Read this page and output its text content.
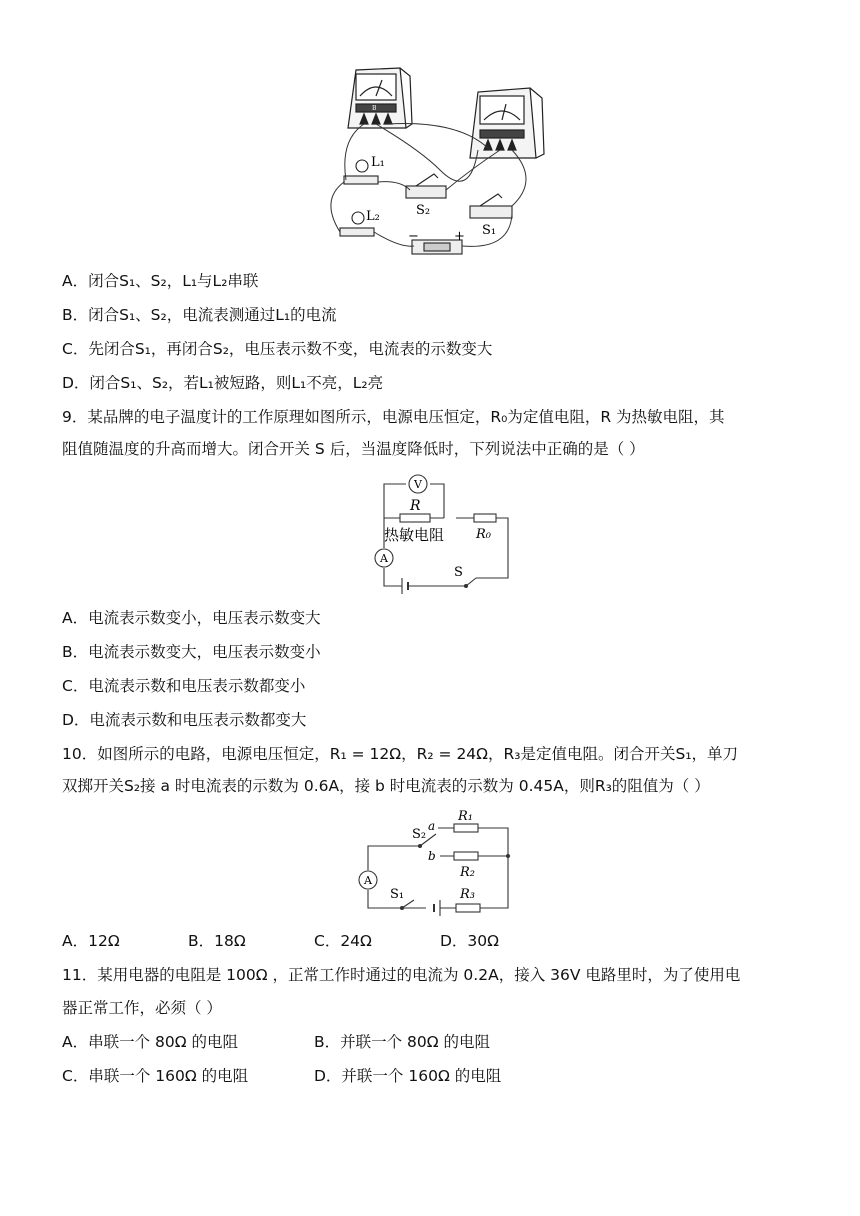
B
L₁
L₂	S₂
S₁
−	+
A．闭合S₁、S₂，L₁与L₂串联
B．闭合S₁、S₂，电流表测通过L₁的电流
C．先闭合S₁，再闭合S₂，电压表示数不变，电流表的示数变大
D．闭合S₁、S₂，若L₁被短路，则L₁不亮，L₂亮
9．某品牌的电子温度计的工作原理如图所示，电源电压恒定，R₀为定值电阻，R 为热敏电阻，其
阻值随温度的升高而增大。闭合开关 S 后，当温度降低时，下列说法中正确的是（ ）
V
A
R
热敏电阻 R₀
S
A．电流表示数变小，电压表示数变大
B．电流表示数变大，电压表示数变小
C．电流表示数和电压表示数都变小
D．电流表示数和电压表示数都变大
10．如图所示的电路，电源电压恒定，R₁ = 12Ω，R₂ = 24Ω，R₃是定值电阻。闭合开关S₁，单刀
双掷开关S₂接 a 时电流表的示数为 0.6A，接 b 时电流表的示数为 0.45A，则R₃的阻值为（ ）
A
S₂
a
b
R₁
R₂
S₁	R₃
A．12Ω	B．18Ω	C．24Ω	D．30Ω
11．某用电器的电阻是 100Ω ，正常工作时通过的电流为 0.2A，接入 36V 电路里时，为了使用电
器正常工作，必须（ ）
A．串联一个 80Ω 的电阻	B．并联一个 80Ω 的电阻
C．串联一个 160Ω 的电阻	D．并联一个 160Ω 的电阻
